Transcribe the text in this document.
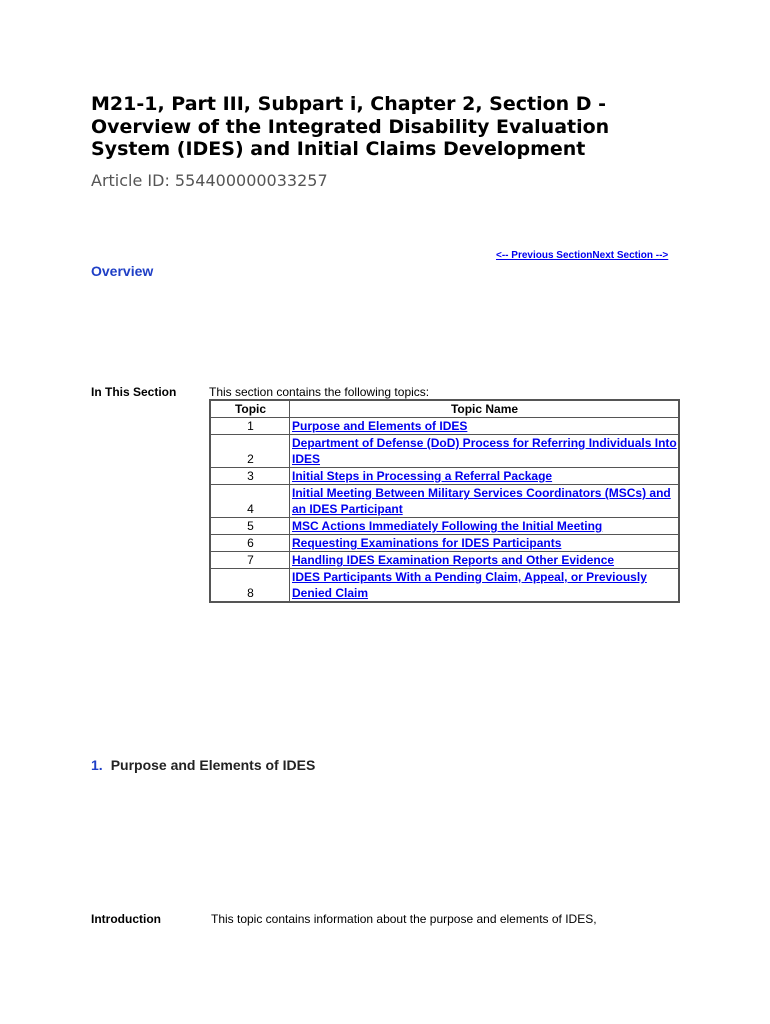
M21-1, Part III, Subpart i, Chapter 2, Section D - Overview of the Integrated Disability Evaluation System (IDES) and Initial Claims Development
Article ID: 554400000033257
<-- Previous SectionNext Section -->
Overview
In This Section	This section contains the following topics:
Topic	Topic Name
1	Purpose and Elements of IDES
2	Department of Defense (DoD) Process for Referring Individuals Into IDES
3	Initial Steps in Processing a Referral Package
4	Initial Meeting Between Military Services Coordinators (MSCs) and an IDES Participant
5	MSC Actions Immediately Following the Initial Meeting
6	Requesting Examinations for IDES Participants
7	Handling IDES Examination Reports and Other Evidence
8	IDES Participants With a Pending Claim, Appeal, or Previously Denied Claim
1. Purpose and Elements of IDES
Introduction	This topic contains information about the purpose and elements of IDES,
